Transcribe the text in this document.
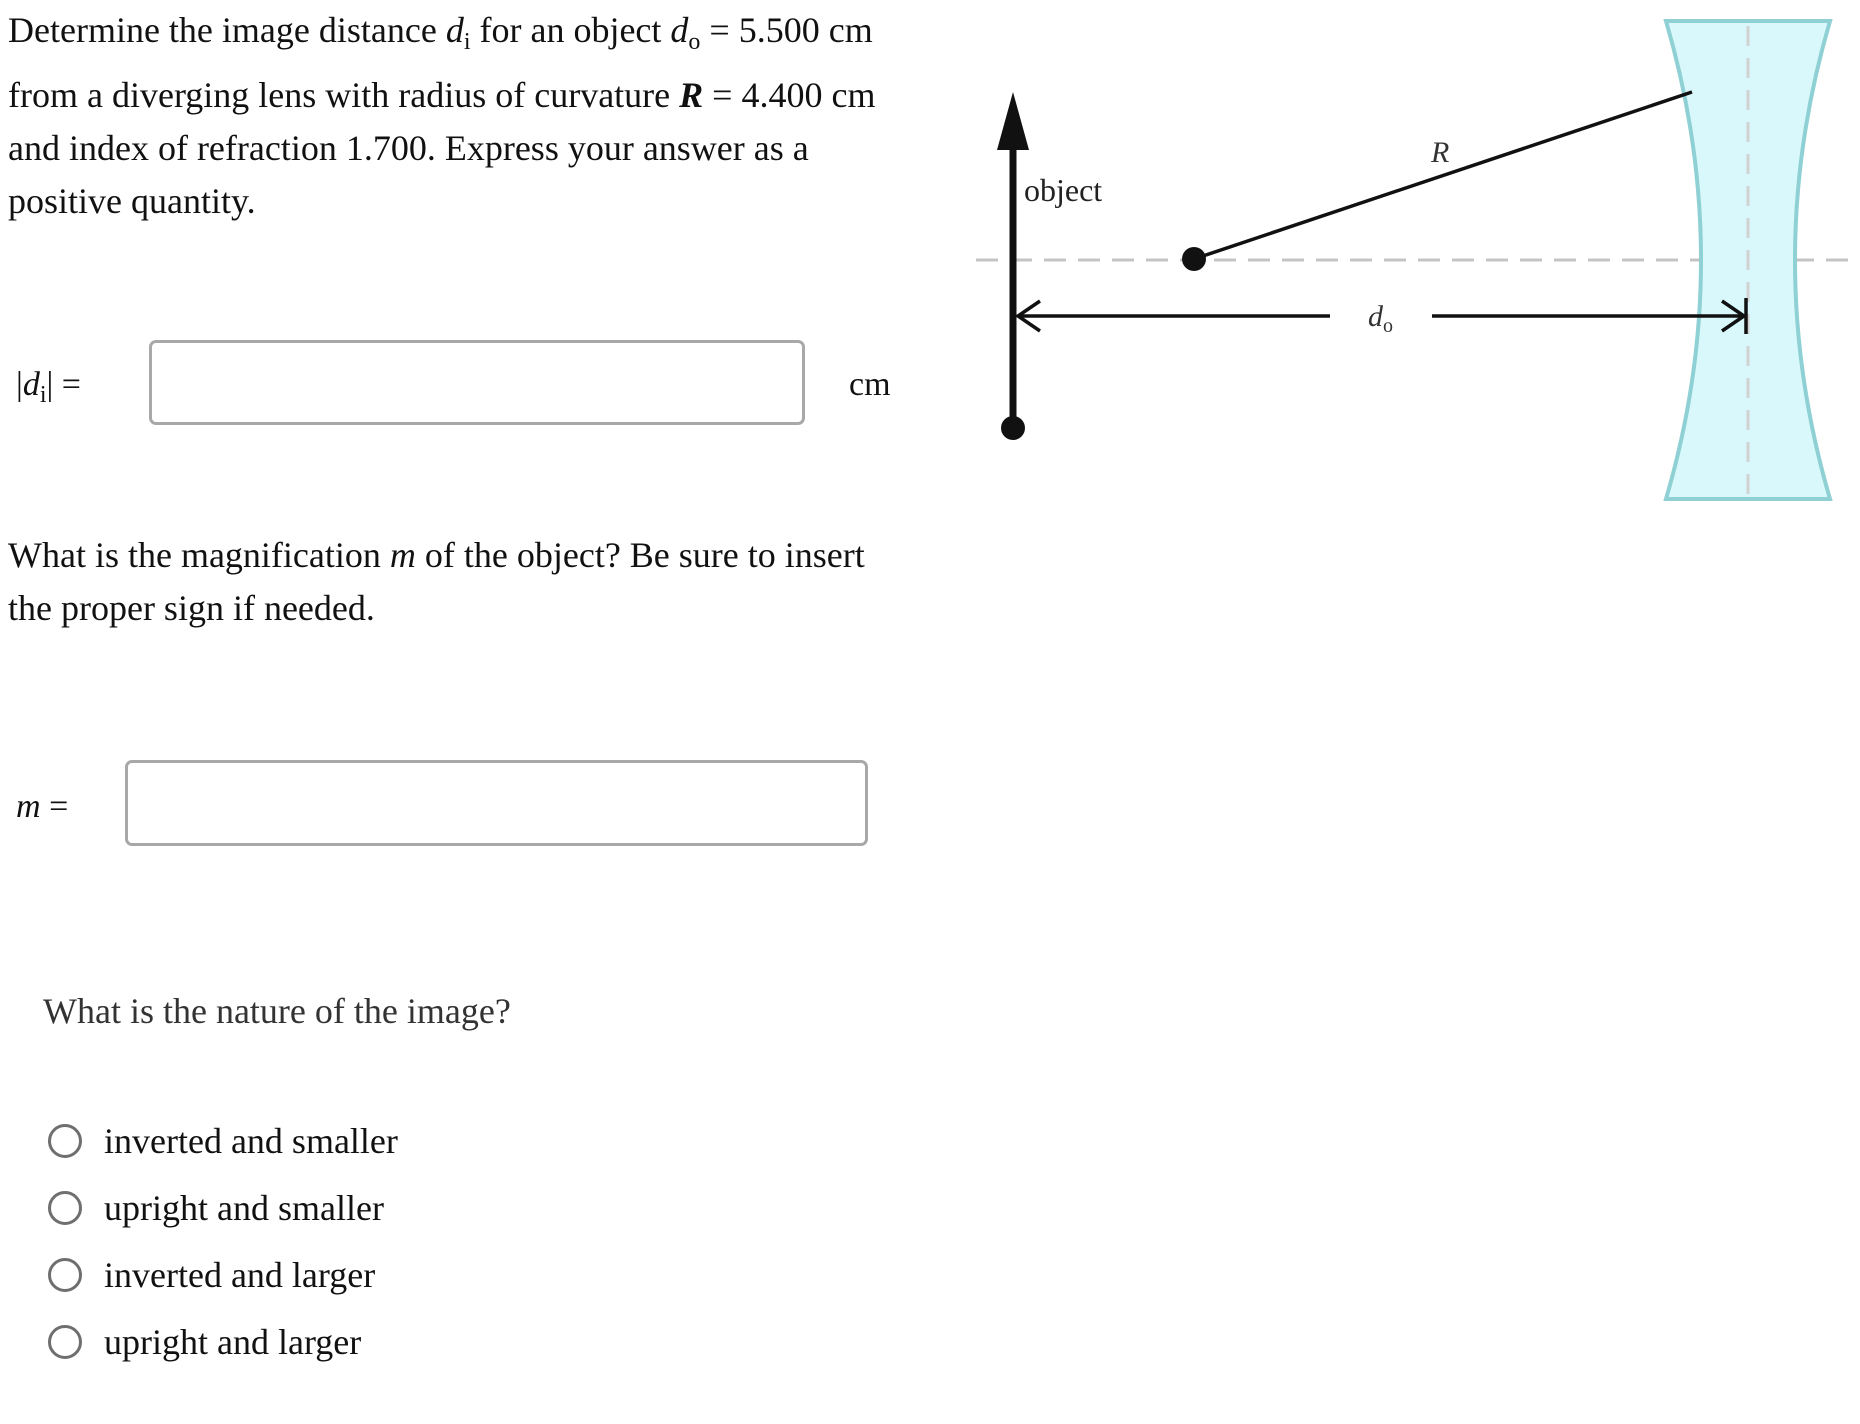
Determine the image distance $d_i$ for an object $d_o = 5.500$ cm
from a diverging lens with radius of curvature R = 4.400 cm
and index of refraction 1.700. Express your answer as a
positive quantity.
$|d_i|$ =	cm
What is the magnification m of the object? Be sure to insert
the proper sign if needed.
m =
What is the nature of the image?
inverted and smaller
upright and smaller
inverted and larger
upright and larger
R
object
$d_o$
